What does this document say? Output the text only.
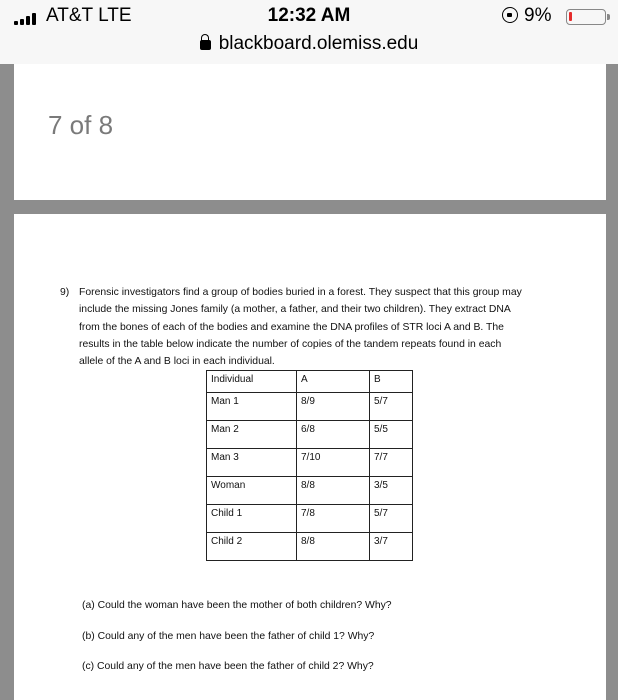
AT&T LTE	12:32 AM	9%
blackboard.olemiss.edu
7 of 8
9) Forensic investigators find a group of bodies buried in a forest. They suspect that this group may

include the missing Jones family (a mother, a father, and their two children). They extract DNA

from the bones of each of the bodies and examine the DNA profiles of STR loci A and B. The

results in the table below indicate the number of copies of the tandem repeats found in each

allele of the A and B loci in each individual.

Individual	A	B
Man 1	8/9	5/7
Man 2	6/8	5/5
Man 3	7/10	7/7
Woman	8/8	3/5
Child 1	7/8	5/7
Child 2	8/8	3/7
(a) Could the woman have been the mother of both children? Why?
(b) Could any of the men have been the father of child 1? Why?
(c) Could any of the men have been the father of child 2? Why?
